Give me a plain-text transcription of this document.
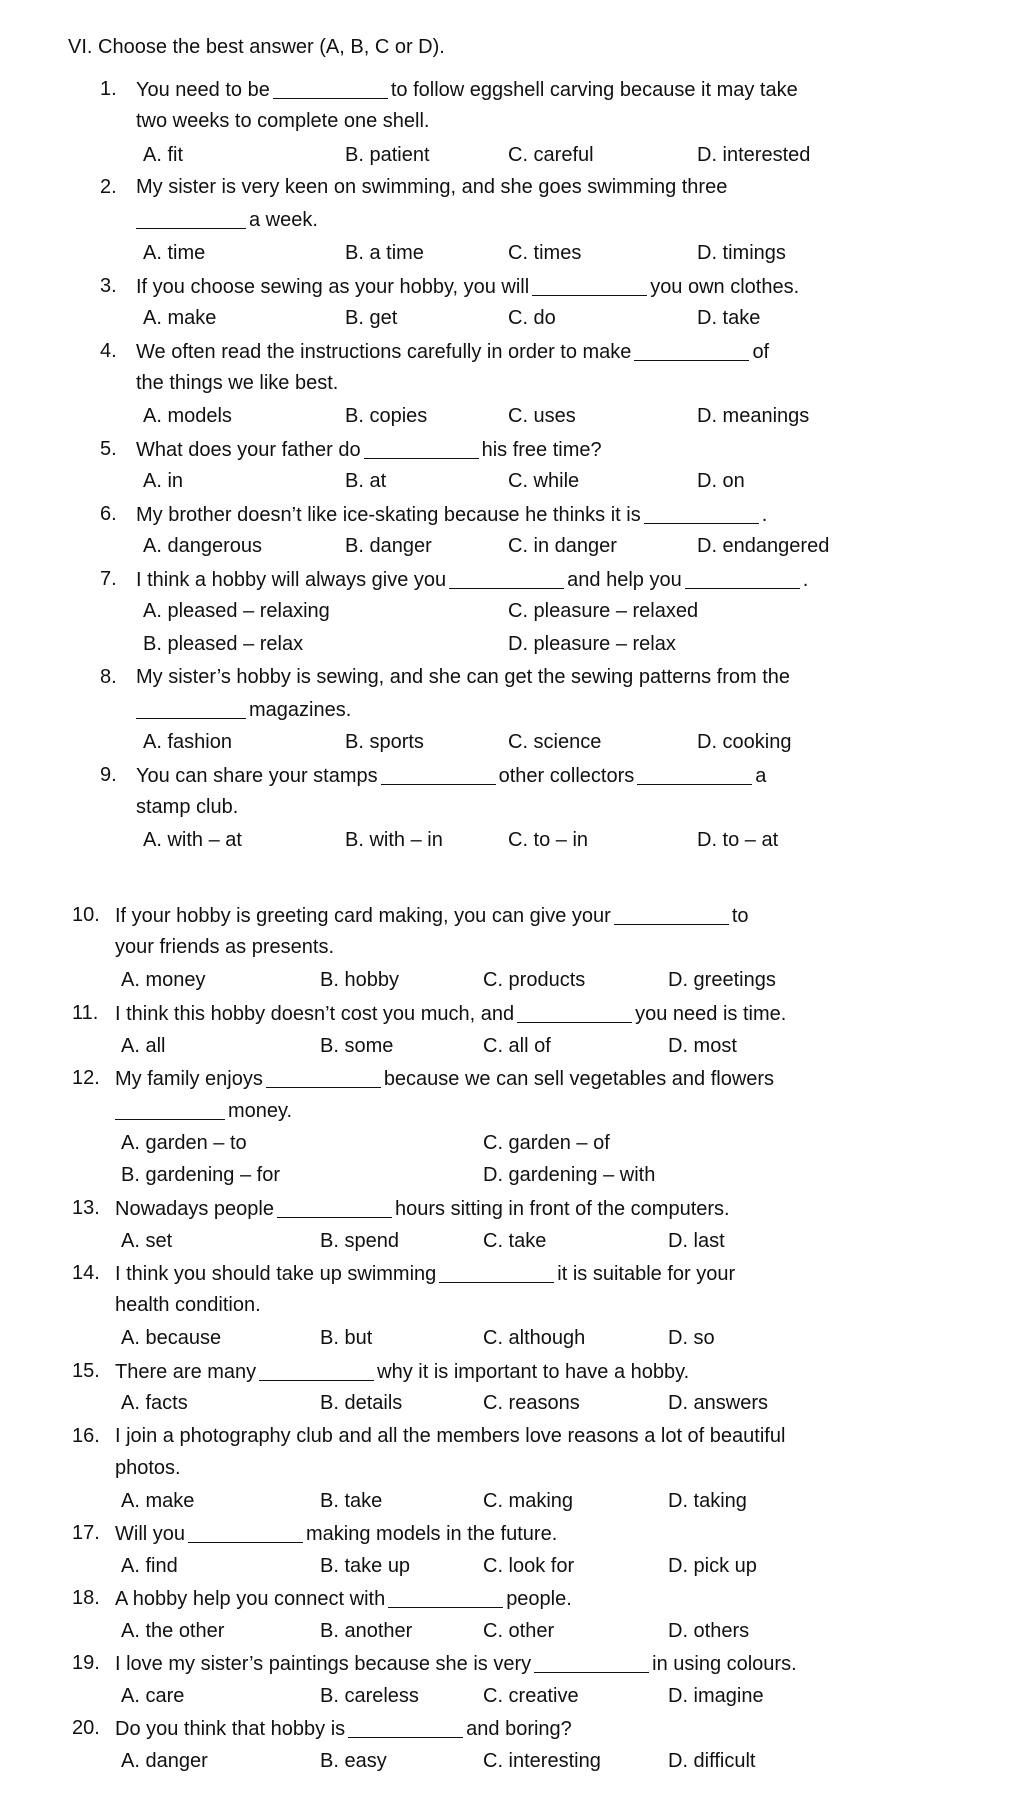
VI. Choose the best answer (A, B, C or D).
1. You need to be	to follow eggshell carving because it may take
two weeks to complete one shell.
A. fit	B. patient	C. careful	D. interested
2. My sister is very keen on swimming, and she goes swimming three
a week.
A. time	B. a time	C. times	D. timings
3. If you choose sewing as your hobby, you will	you own clothes.
A. make	B. get	C. do	D. take
4. We often read the instructions carefully in order to make	of
the things we like best.
A. models	B. copies	C. uses	D. meanings
5. What does your father do	his free time?
A. in	B. at	C. while	D. on
6. My brother doesn’t like ice-skating because he thinks it is	.
A. dangerous	B. danger	C. in danger	D. endangered
7. I think a hobby will always give you	and help you	.
A. pleased – relaxing	C. pleasure – relaxed
B. pleased – relax	D. pleasure – relax
8. My sister’s hobby is sewing, and she can get the sewing patterns from the
magazines.
A. fashion	B. sports	C. science	D. cooking
9. You can share your stamps	other collectors	a
stamp club.
A. with – at	B. with – in	C. to – in	D. to – at
10. If your hobby is greeting card making, you can give your	to
your friends as presents.
A. money	B. hobby	C. products	D. greetings
11. I think this hobby doesn’t cost you much, and	you need is time.
A. all	B. some	C. all of	D. most
12. My family enjoys	because we can sell vegetables and flowers
money.
A. garden – to	C. garden – of
B. gardening – for	D. gardening – with
13. Nowadays people	hours sitting in front of the computers.
A. set	B. spend	C. take	D. last
14. I think you should take up swimming	it is suitable for your
health condition.
A. because	B. but	C. although	D. so
15. There are many	why it is important to have a hobby.
A. facts	B. details	C. reasons	D. answers
16. I join a photography club and all the members love reasons a lot of beautiful
photos.
A. make	B. take	C. making	D. taking
17. Will you	making models in the future.
A. find	B. take up	C. look for	D. pick up
18. A hobby help you connect with	people.
A. the other	B. another	C. other	D. others
19. I love my sister’s paintings because she is very	in using colours.
A. care	B. careless	C. creative	D. imagine
20. Do you think that hobby is	and boring?
A. danger	B. easy	C. interesting	D. difficult
